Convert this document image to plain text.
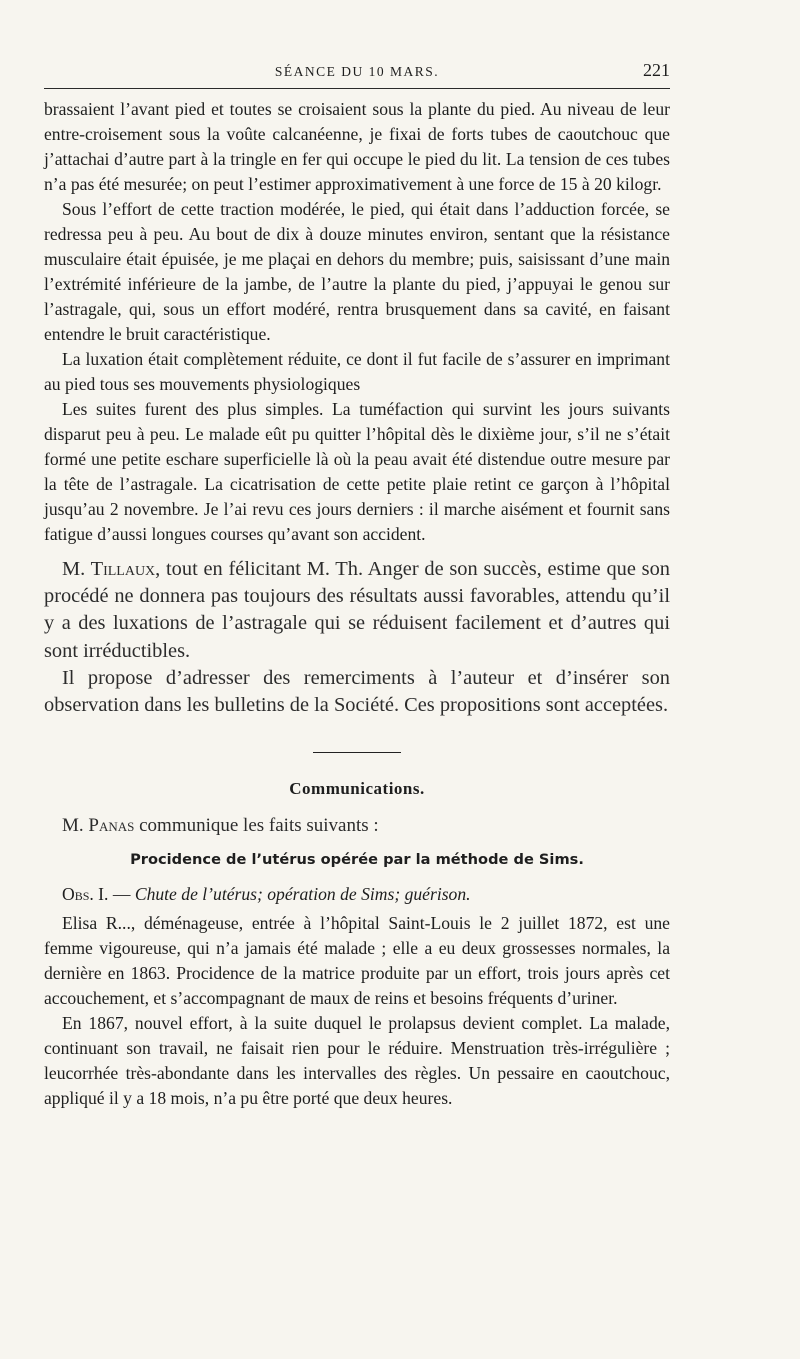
SÉANCE DU 10 MARS.	221

brassaient l’avant pied et toutes se croisaient sous la plante du pied. Au niveau de leur entre-croisement sous la voûte calcanéenne, je fixai de forts tubes de caoutchouc que j’attachai d’autre part à la tringle en fer qui occupe le pied du lit. La tension de ces tubes n’a pas été mesurée; on peut l’estimer approximativement à une force de 15 à 20 kilogr.

Sous l’effort de cette traction modérée, le pied, qui était dans l’adduction forcée, se redressa peu à peu. Au bout de dix à douze minutes environ, sentant que la résistance musculaire était épuisée, je me plaçai en dehors du membre; puis, saisissant d’une main l’extrémité inférieure de la jambe, de l’autre la plante du pied, j’appuyai le genou sur l’astragale, qui, sous un effort modéré, rentra brusquement dans sa cavité, en faisant entendre le bruit caractéristique.

La luxation était complètement réduite, ce dont il fut facile de s’assurer en imprimant au pied tous ses mouvements physiologiques

Les suites furent des plus simples. La tuméfaction qui survint les jours suivants disparut peu à peu. Le malade eût pu quitter l’hôpital dès le dixième jour, s’il ne s’était formé une petite eschare superficielle là où la peau avait été distendue outre mesure par la tête de l’astragale. La cicatrisation de cette petite plaie retint ce garçon à l’hôpital jusqu’au 2 novembre. Je l’ai revu ces jours derniers : il marche aisément et fournit sans fatigue d’aussi longues courses qu’avant son accident.

M. Tillaux, tout en félicitant M. Th. Anger de son succès, estime que son procédé ne donnera pas toujours des résultats aussi favorables, attendu qu’il y a des luxations de l’astragale qui se réduisent facilement et d’autres qui sont irréductibles.

Il propose d’adresser des remerciments à l’auteur et d’insérer son observation dans les bulletins de la Société. Ces propositions sont acceptées.

Communications.
M. Panas communique les faits suivants :
Procidence de l’utérus opérée par la méthode de Sims.
Obs. I. — Chute de l’utérus; opération de Sims; guérison.

Elisa R..., déménageuse, entrée à l’hôpital Saint-Louis le 2 juillet 1872, est une femme vigoureuse, qui n’a jamais été malade ; elle a eu deux grossesses normales, la dernière en 1863. Procidence de la matrice produite par un effort, trois jours après cet accouchement, et s’accompagnant de maux de reins et besoins fréquents d’uriner.

En 1867, nouvel effort, à la suite duquel le prolapsus devient complet. La malade, continuant son travail, ne faisait rien pour le réduire. Menstruation très-irrégulière ; leucorrhée très-abondante dans les intervalles des règles. Un pessaire en caoutchouc, appliqué il y a 18 mois, n’a pu être porté que deux heures.
